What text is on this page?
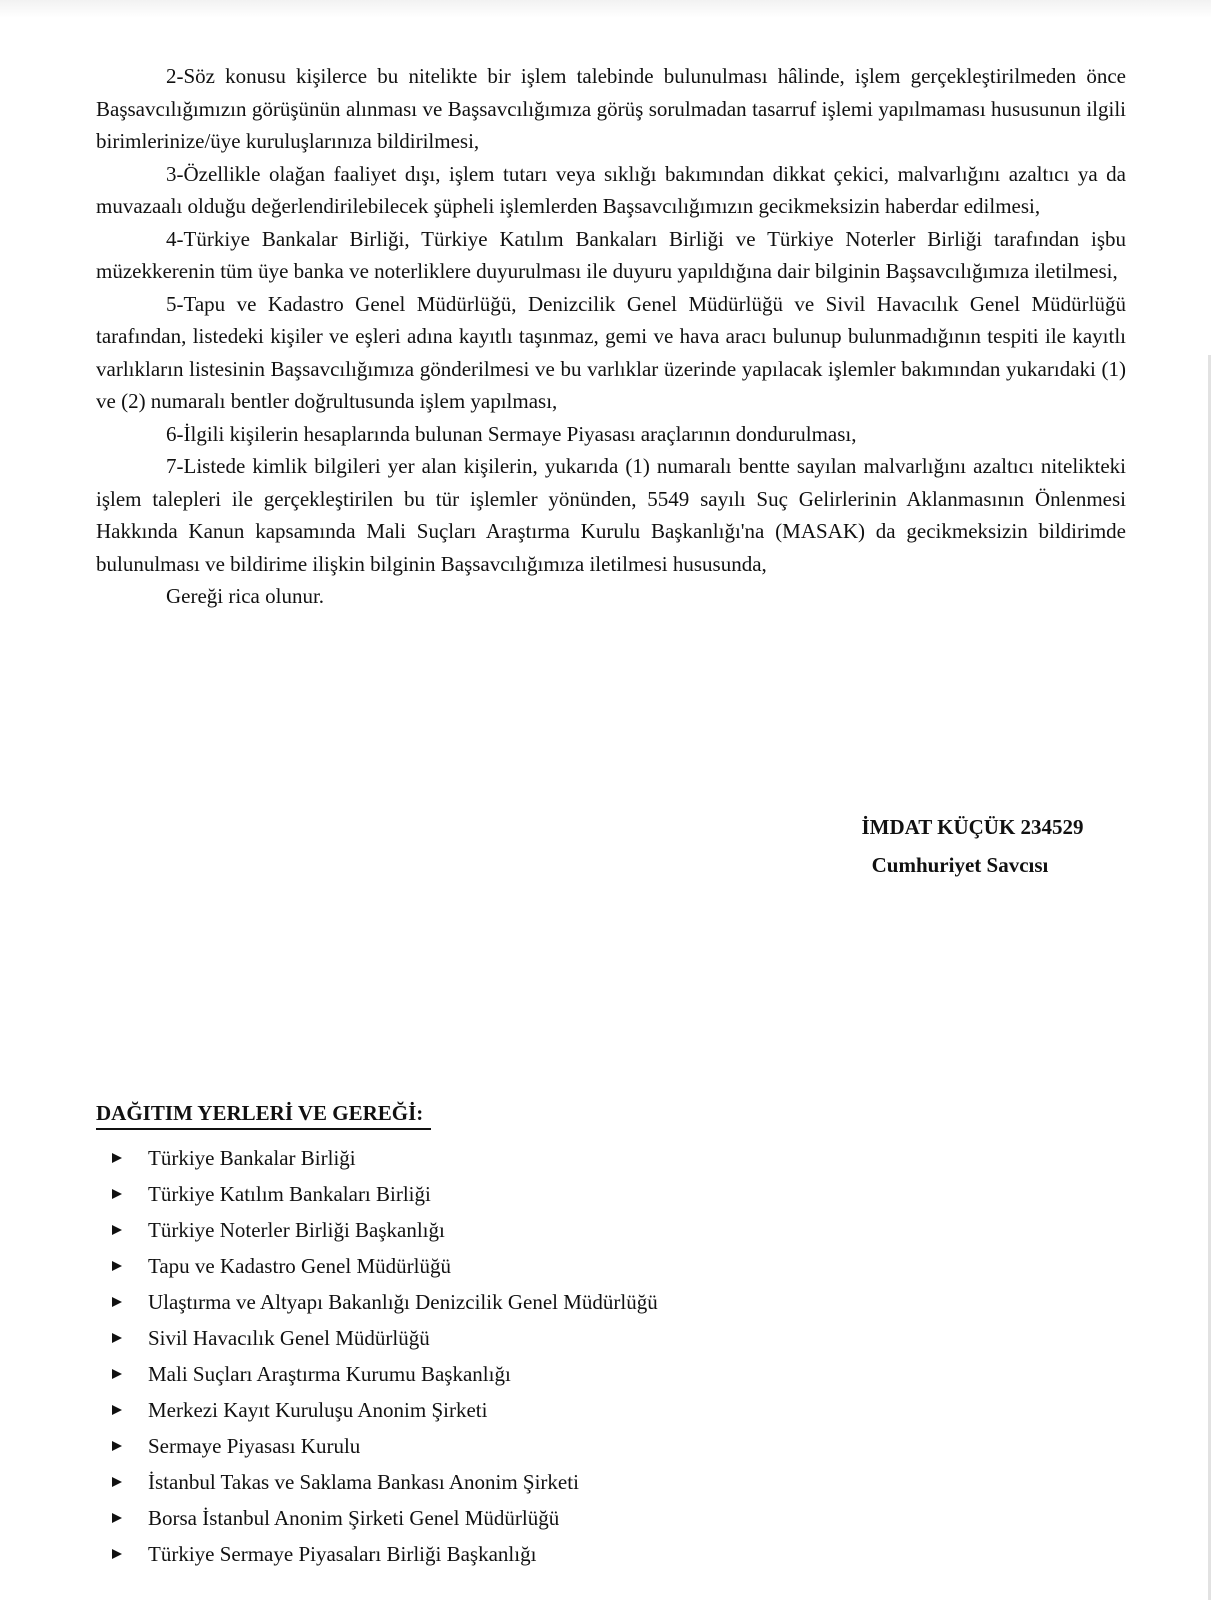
2-Söz konusu kişilerce bu nitelikte bir işlem talebinde bulunulması hâlinde, işlem gerçekleştirilmeden önce Başsavcılığımızın görüşünün alınması ve Başsavcılığımıza görüş sorulmadan tasarruf işlemi yapılmaması hususunun ilgili birimlerinize/üye kuruluşlarınıza bildirilmesi,

3-Özellikle olağan faaliyet dışı, işlem tutarı veya sıklığı bakımından dikkat çekici, malvarlığını azaltıcı ya da muvazaalı olduğu değerlendirilebilecek şüpheli işlemlerden Başsavcılığımızın gecikmeksizin haberdar edilmesi,

4-Türkiye Bankalar Birliği, Türkiye Katılım Bankaları Birliği ve Türkiye Noterler Birliği tarafından işbu müzekkerenin tüm üye banka ve noterliklere duyurulması ile duyuru yapıldığına dair bilginin Başsavcılığımıza iletilmesi,

5-Tapu ve Kadastro Genel Müdürlüğü, Denizcilik Genel Müdürlüğü ve Sivil Havacılık Genel Müdürlüğü tarafından, listedeki kişiler ve eşleri adına kayıtlı taşınmaz, gemi ve hava aracı bulunup bulunmadığının tespiti ile kayıtlı varlıkların listesinin Başsavcılığımıza gönderilmesi ve bu varlıklar üzerinde yapılacak işlemler bakımından yukarıdaki (1) ve (2) numaralı bentler doğrultusunda işlem yapılması,

6-İlgili kişilerin hesaplarında bulunan Sermaye Piyasası araçlarının dondurulması,

7-Listede kimlik bilgileri yer alan kişilerin, yukarıda (1) numaralı bentte sayılan malvarlığını azaltıcı nitelikteki işlem talepleri ile gerçekleştirilen bu tür işlemler yönünden, 5549 sayılı Suç Gelirlerinin Aklanmasının Önlenmesi Hakkında Kanun kapsamında Mali Suçları Araştırma Kurulu Başkanlığı'na (MASAK) da gecikmeksizin bildirimde bulunulması ve bildirime ilişkin bilginin Başsavcılığımıza iletilmesi hususunda,

Gereği rica olunur.

İMDAT KÜÇÜK 234529
Cumhuriyet Savcısı
DAĞITIM YERLERİ VE GEREĞİ:
Türkiye Bankalar Birliği
Türkiye Katılım Bankaları Birliği
Türkiye Noterler Birliği Başkanlığı
Tapu ve Kadastro Genel Müdürlüğü
Ulaştırma ve Altyapı Bakanlığı Denizcilik Genel Müdürlüğü
Sivil Havacılık Genel Müdürlüğü
Mali Suçları Araştırma Kurumu Başkanlığı
Merkezi Kayıt Kuruluşu Anonim Şirketi
Sermaye Piyasası Kurulu
İstanbul Takas ve Saklama Bankası Anonim Şirketi
Borsa İstanbul Anonim Şirketi Genel Müdürlüğü
Türkiye Sermaye Piyasaları Birliği Başkanlığı
